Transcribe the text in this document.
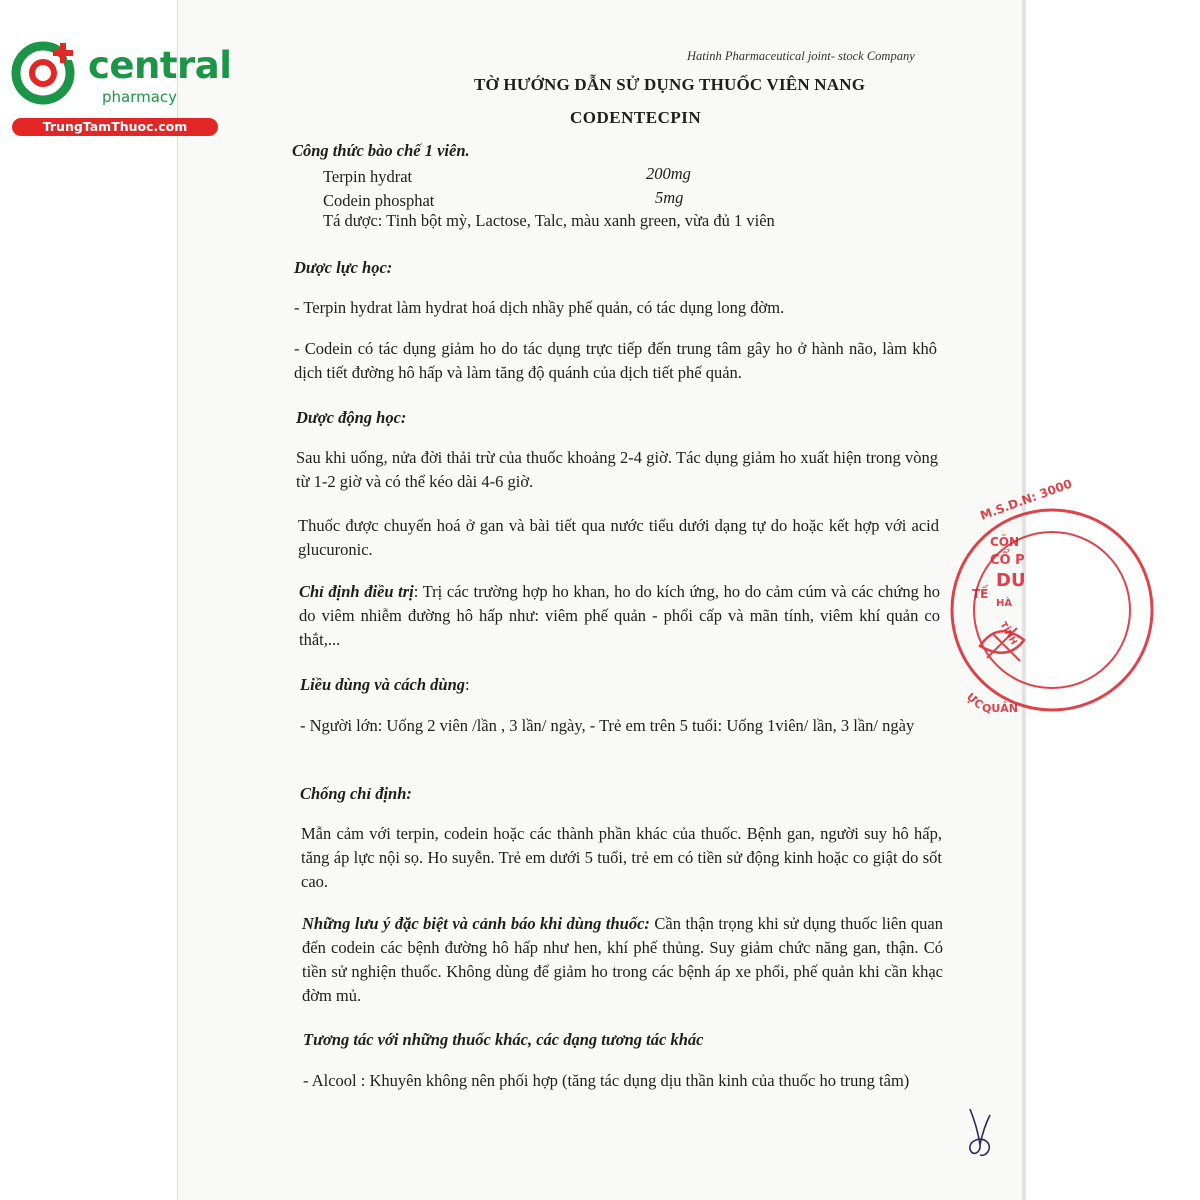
central
pharmacy
TrungTamThuoc.com
Hatinh Pharmaceutical joint- stock Company
TỜ HƯỚNG DẪN SỬ DỤNG THUỐC VIÊN NANG
CODENTECPIN
Công thức bào chế 1 viên.
Terpin hydrat	200mg
Codein phosphat	5mg
Tá dược: Tinh bột mỳ, Lactose, Talc, màu xanh green, vừa đủ 1 viên
Dược lực học:
- Terpin hydrat làm hydrat hoá dịch nhầy phế quản, có tác dụng long đờm.
- Codein có tác dụng giảm ho do tác dụng trực tiếp đến trung tâm gây ho ở hành não, làm khô dịch tiết đường hô hấp và làm tăng độ quánh của dịch tiết phế quản.
Dược động học:
Sau khi uống, nửa đời thải trừ của thuốc khoảng 2-4 giờ. Tác dụng giảm ho xuất hiện trong vòng từ 1-2 giờ và có thể kéo dài 4-6 giờ.
Thuốc được chuyển hoá ở gan và bài tiết qua nước tiểu dưới dạng tự do hoặc kết hợp với acid glucuronic.
Chỉ định điều trị: Trị các trường hợp ho khan, ho do kích ứng, ho do cảm cúm và các chứng ho do viêm nhiễm đường hô hấp như: viêm phế quản - phổi cấp và mãn tính, viêm khí quản co thắt,...
Liều dùng và cách dùng:
- Người lớn: Uống 2 viên /lần , 3 lần/ ngày, - Trẻ em trên 5 tuổi: Uống 1viên/ lần, 3 lần/ ngày
Chống chỉ định:
Mẫn cảm với terpin, codein hoặc các thành phần khác của thuốc. Bệnh gan, người suy hô hấp, tăng áp lực nội sọ. Ho suyễn. Trẻ em dưới 5 tuổi, trẻ em có tiền sử động kinh hoặc co giật do sốt cao.
Những lưu ý đặc biệt và cảnh báo khi dùng thuốc: Cần thận trọng khi sử dụng thuốc liên quan đến codein các bệnh đường hô hấp như hen, khí phế thủng. Suy giảm chức năng gan, thận. Có tiền sử nghiện thuốc. Không dùng để giảm ho trong các bệnh áp xe phổi, phế quản khi cần khạc đờm mủ.
Tương tác với những thuốc khác, các dạng tương tác khác
- Alcool : Khuyên không nên phối hợp (tăng tác dụng dịu thần kinh của thuốc ho trung tâm)
M.S.D.N: 3000
CÔN
CỔ P
DU
TẾ
HÀ
TĨNH
ỰC
QUẢN
